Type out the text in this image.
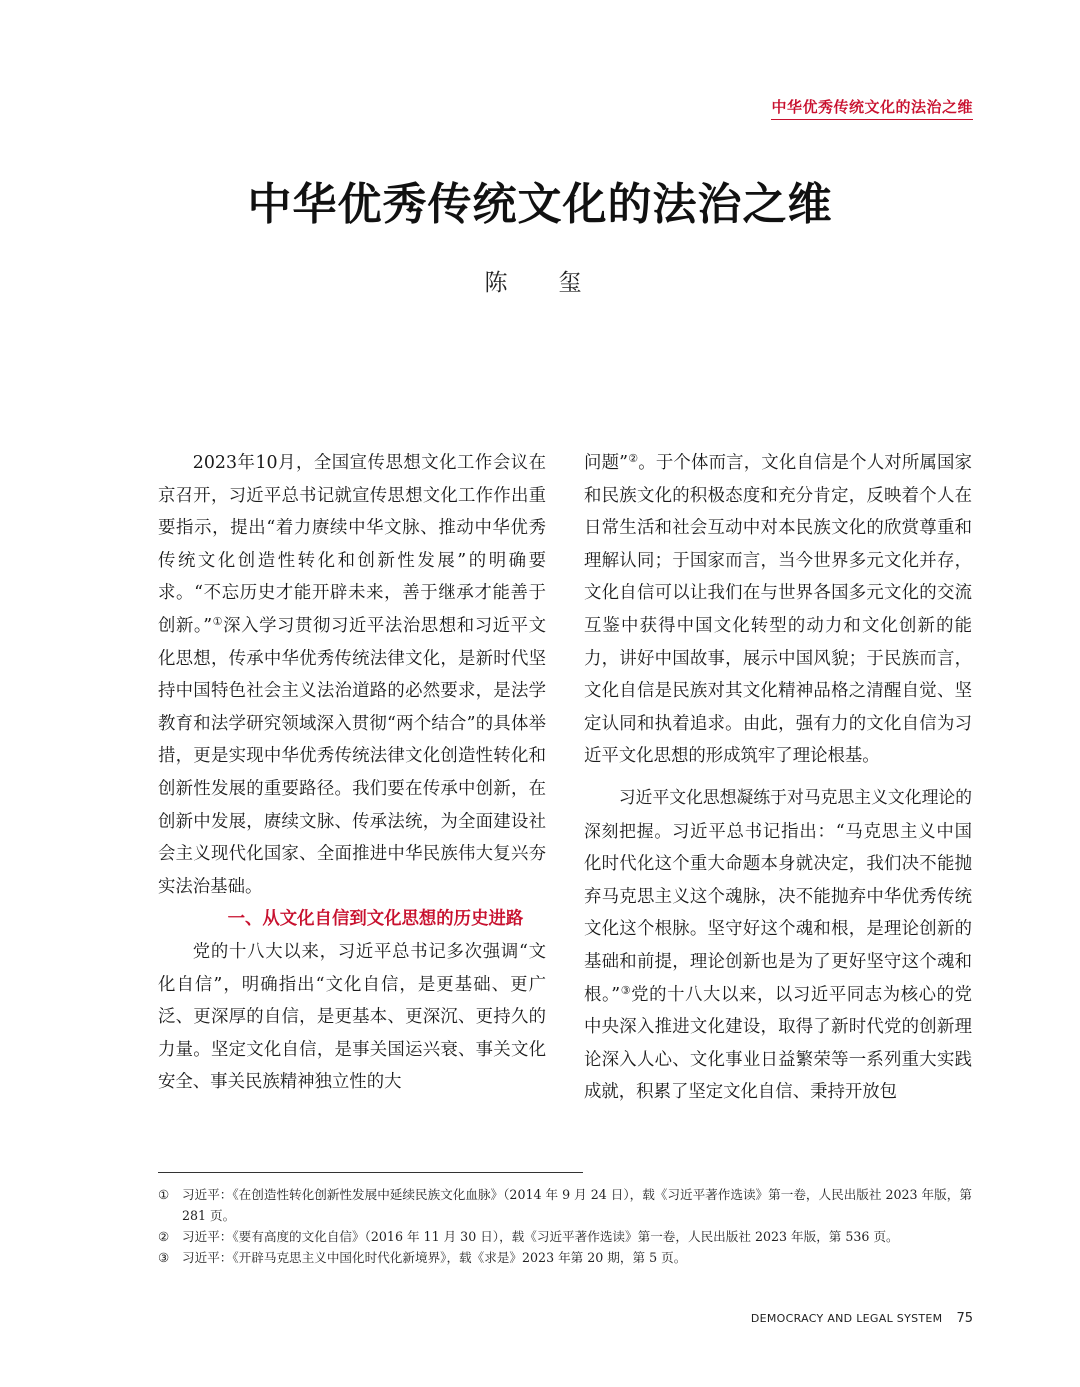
中华优秀传统文化的法治之维
中华优秀传统文化的法治之维
陈　玺

2023年10月，全国宣传思想文化工作会议在京召开，习近平总书记就宣传思想文化工作作出重要指示，提出“着力赓续中华文脉、推动中华优秀传统文化创造性转化和创新性发展”的明确要求。“不忘历史才能开辟未来，善于继承才能善于创新。”①深入学习贯彻习近平法治思想和习近平文化思想，传承中华优秀传统法律文化，是新时代坚持中国特色社会主义法治道路的必然要求，是法学教育和法学研究领域深入贯彻“两个结合”的具体举措，更是实现中华优秀传统法律文化创造性转化和创新性发展的重要路径。我们要在传承中创新，在创新中发展，赓续文脉、传承法统，为全面建设社会主义现代化国家、全面推进中华民族伟大复兴夯实法治基础。

一、从文化自信到文化思想的历史进路

党的十八大以来，习近平总书记多次强调“文化自信”，明确指出“文化自信，是更基础、更广泛、更深厚的自信，是更基本、更深沉、更持久的力量。坚定文化自信，是事关国运兴衰、事关文化安全、事关民族精神独立性的大

问题”②。于个体而言，文化自信是个人对所属国家和民族文化的积极态度和充分肯定，反映着个人在日常生活和社会互动中对本民族文化的欣赏尊重和理解认同；于国家而言，当今世界多元文化并存，文化自信可以让我们在与世界各国多元文化的交流互鉴中获得中国文化转型的动力和文化创新的能力，讲好中国故事，展示中国风貌；于民族而言，文化自信是民族对其文化精神品格之清醒自觉、坚定认同和执着追求。由此，强有力的文化自信为习近平文化思想的形成筑牢了理论根基。

习近平文化思想凝练于对马克思主义文化理论的深刻把握。习近平总书记指出：“马克思主义中国化时代化这个重大命题本身就决定，我们决不能抛弃马克思主义这个魂脉，决不能抛弃中华优秀传统文化这个根脉。坚守好这个魂和根，是理论创新的基础和前提，理论创新也是为了更好坚守这个魂和根。”③党的十八大以来，以习近平同志为核心的党中央深入推进文化建设，取得了新时代党的创新理论深入人心、文化事业日益繁荣等一系列重大实践成就，积累了坚定文化自信、秉持开放包

①	习近平：《在创造性转化创新性发展中延续民族文化血脉》（2014 年 9 月 24 日），载《习近平著作选读》第一卷，人民出版社 2023 年版，第 281 页。
②	习近平：《要有高度的文化自信》（2016 年 11 月 30 日），载《习近平著作选读》第一卷，人民出版社 2023 年版，第 536 页。
③	习近平：《开辟马克思主义中国化时代化新境界》，载《求是》2023 年第 20 期，第 5 页。
DEMOCRACY AND LEGAL SYSTEM 75
